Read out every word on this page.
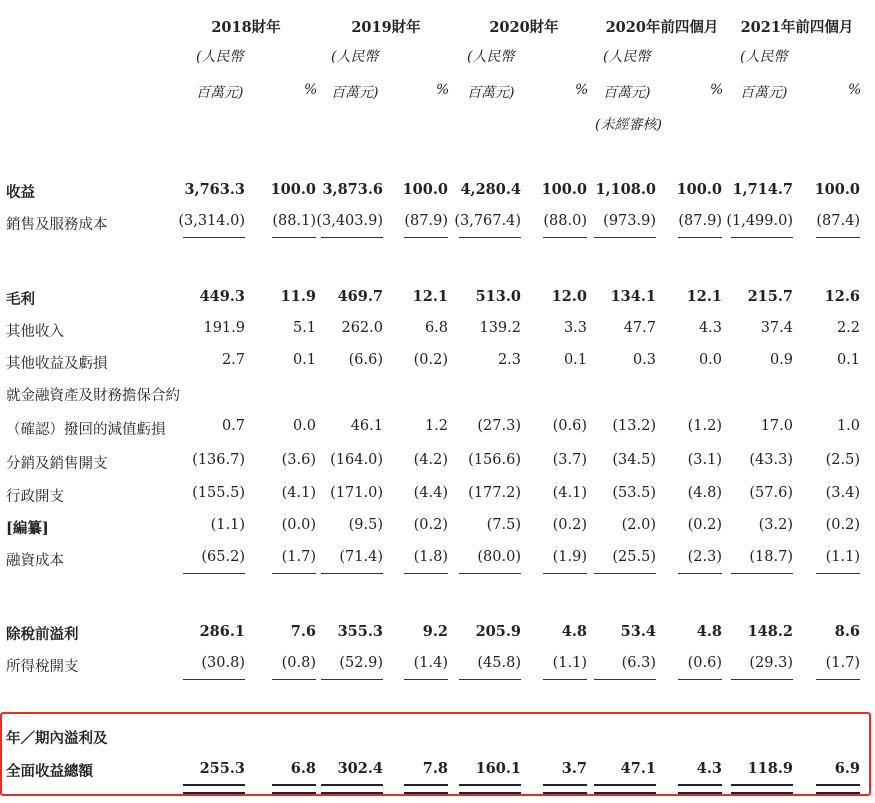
2018財年
(人民幣
百萬元)	%
2019財年
(人民幣
百萬元)	%
2020財年
(人民幣
百萬元)	%
2020年前四個月
(人民幣
百萬元)	%
(未經審核)
2021年前四個月
(人民幣
百萬元)	%
收益	3,763.3 100.0 3,873.6 100.0 4,280.4 100.0 1,108.0 100.0 1,714.7 100.0
銷售及服務成本	(3,314.0)	(88.1) (3,403.9)	(87.9) (3,767.4)	(88.0)	(973.9)	(87.9) (1,499.0)	(87.4)
毛利	449.3	11.9	469.7	12.1	513.0	12.0	134.1	12.1	215.7	12.6
其他收入	191.9	5.1	262.0	6.8	139.2	3.3	47.7	4.3	37.4	2.2
其他收益及虧損	2.7	0.1	(6.6)	(0.2)	2.3	0.1	0.3	0.0	0.9	0.1
就金融資產及財務擔保合約
（確認）撥回的減值虧損	0.7	0.0	46.1	1.2	(27.3)	(0.6)	(13.2)	(1.2)	17.0	1.0
分銷及銷售開支	(136.7)	(3.6) (164.0)	(4.2)	(156.6)	(3.7)	(34.5)	(3.1)	(43.3)	(2.5)
行政開支	(155.5)	(4.1) (171.0)	(4.4)	(177.2)	(4.1)	(53.5)	(4.8)	(57.6)	(3.4)
[編纂]	(1.1)	(0.0)	(9.5)	(0.2)	(7.5)	(0.2)	(2.0)	(0.2)	(3.2)	(0.2)
融資成本	(65.2)	(1.7)	(71.4)	(1.8)	(80.0)	(1.9)	(25.5)	(2.3)	(18.7)	(1.1)
除稅前溢利	286.1	7.6	355.3	9.2	205.9	4.8	53.4	4.8	148.2	8.6
所得稅開支	(30.8)	(0.8)	(52.9)	(1.4)	(45.8)	(1.1)	(6.3)	(0.6)	(29.3)	(1.7)
年／期內溢利及
全面收益總額	255.3	6.8	302.4	7.8	160.1	3.7	47.1	4.3	118.9	6.9
